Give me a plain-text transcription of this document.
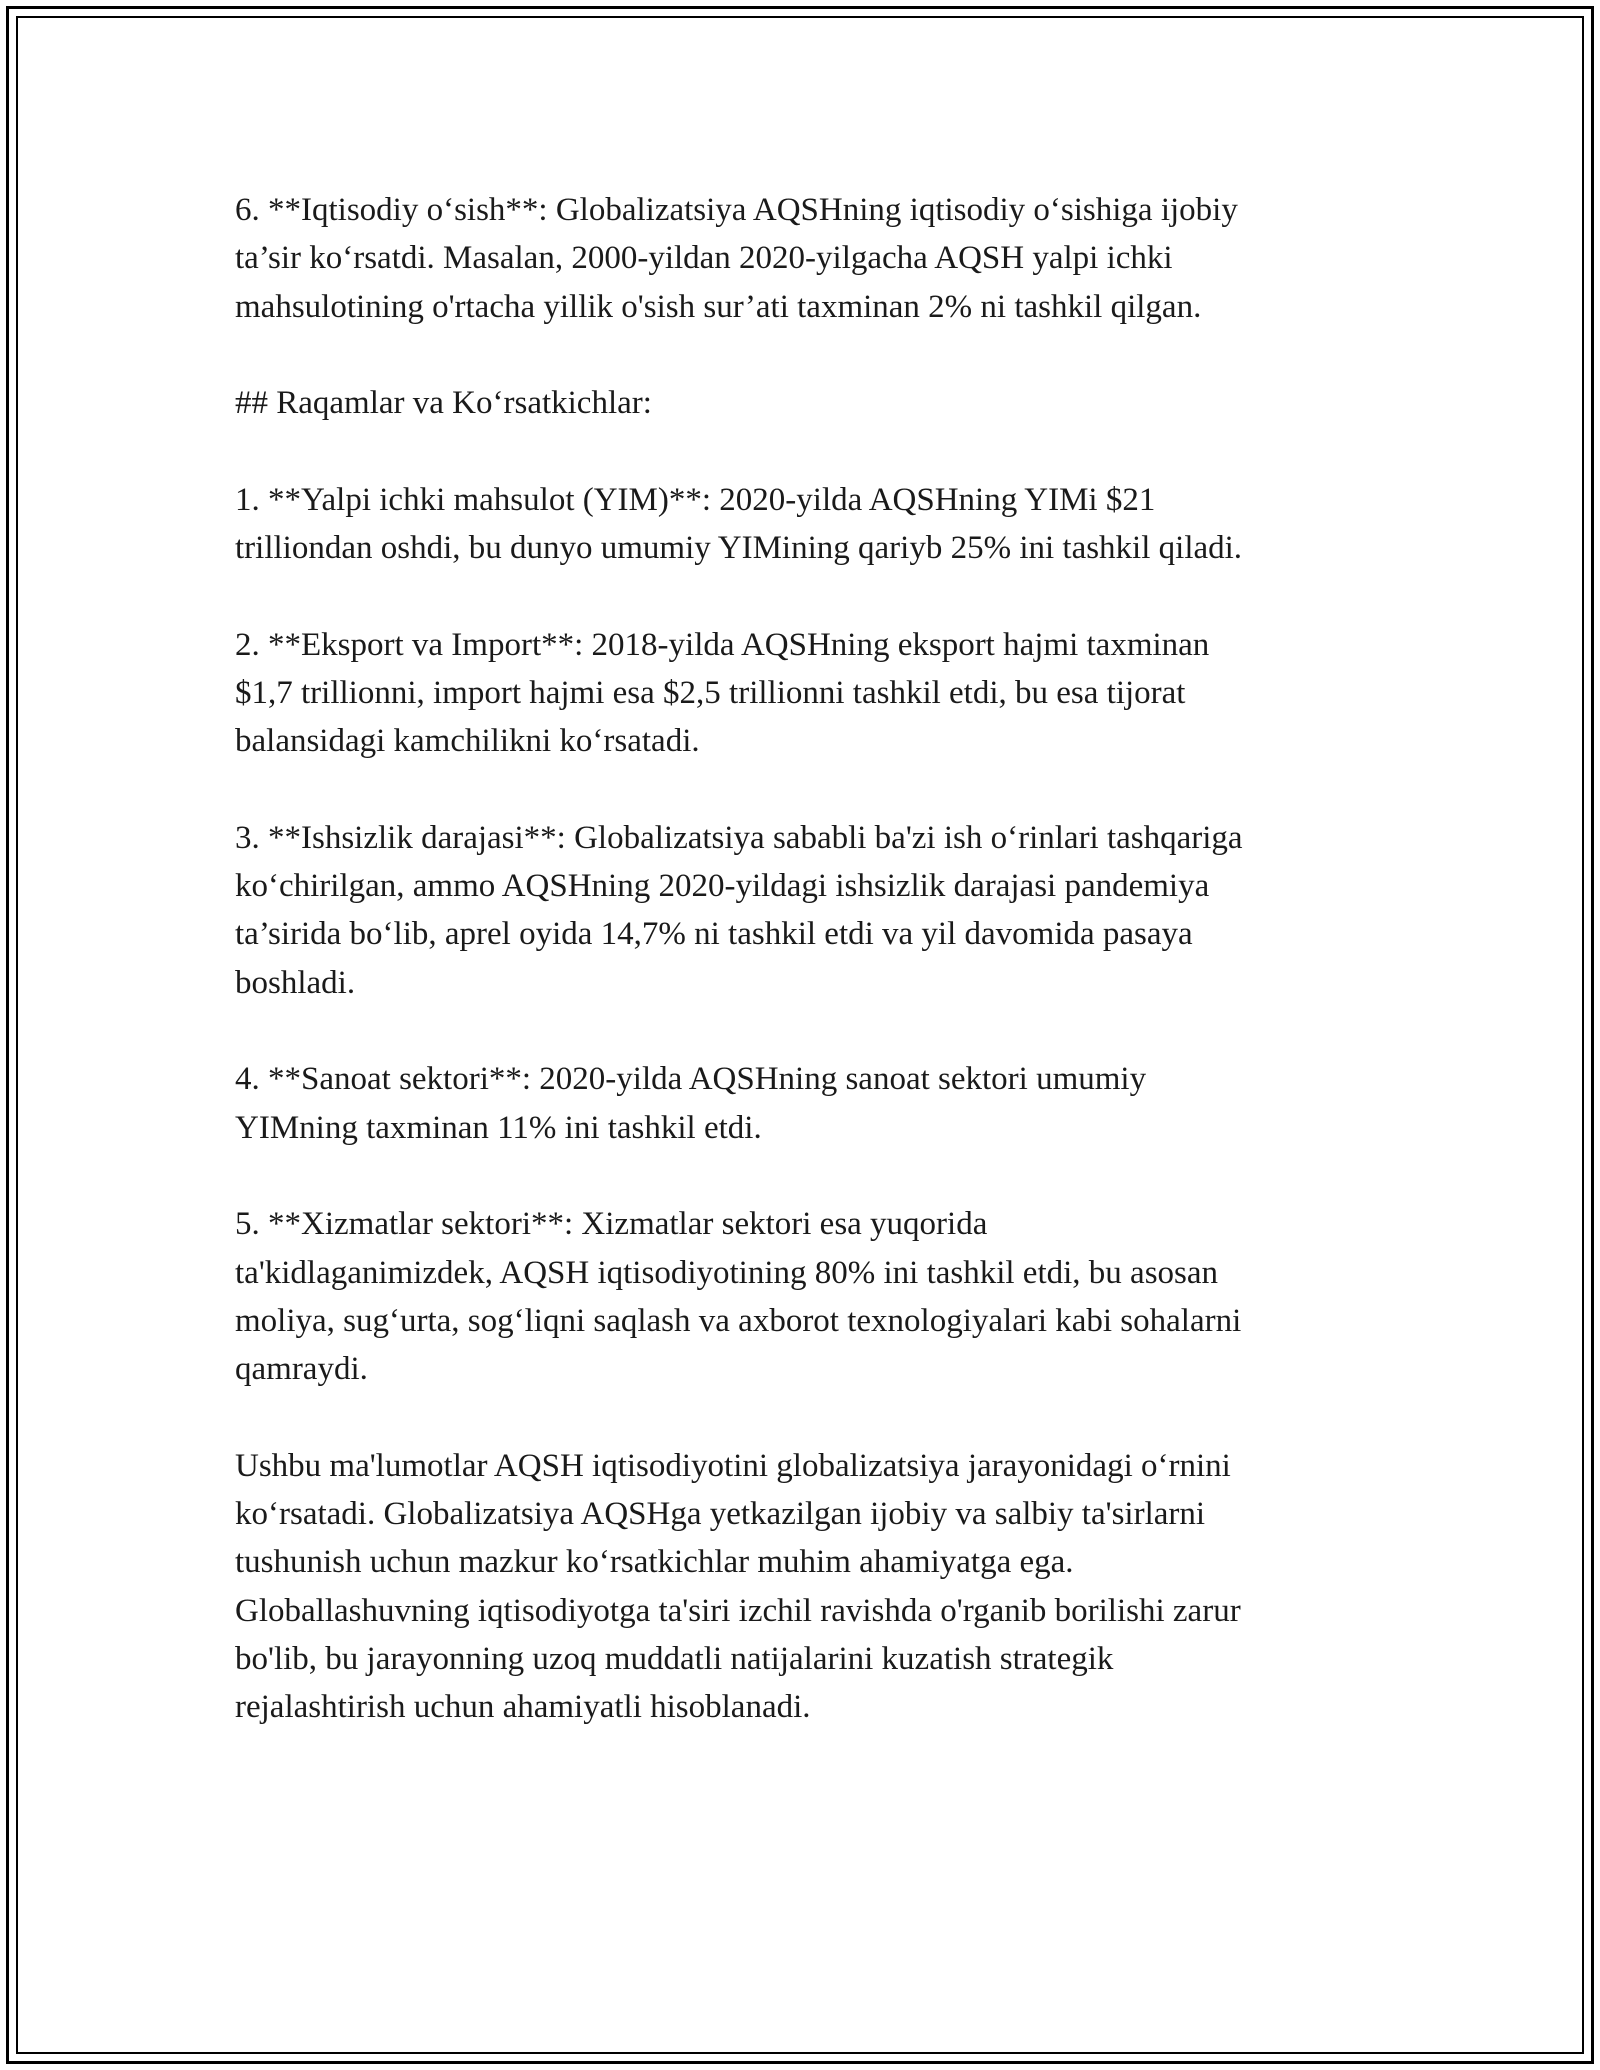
6. **Iqtisodiy o‘sish**: Globalizatsiya AQSHning iqtisodiy o‘sishiga ijobiy
ta’sir ko‘rsatdi. Masalan, 2000-yildan 2020-yilgacha AQSH yalpi ichki
mahsulotining o'rtacha yillik o'sish sur’ati taxminan 2% ni tashkil qilgan.

## Raqamlar va Ko‘rsatkichlar:

1. **Yalpi ichki mahsulot (YIM)**: 2020-yilda AQSHning YIMi $21
trilliondan oshdi, bu dunyo umumiy YIMining qariyb 25% ini tashkil qiladi.

2. **Eksport va Import**: 2018-yilda AQSHning eksport hajmi taxminan
$1,7 trillionni, import hajmi esa $2,5 trillionni tashkil etdi, bu esa tijorat
balansidagi kamchilikni ko‘rsatadi.

3. **Ishsizlik darajasi**: Globalizatsiya sababli ba'zi ish o‘rinlari tashqariga
ko‘chirilgan, ammo AQSHning 2020-yildagi ishsizlik darajasi pandemiya
ta’sirida bo‘lib, aprel oyida 14,7% ni tashkil etdi va yil davomida pasaya
boshladi.

4. **Sanoat sektori**: 2020-yilda AQSHning sanoat sektori umumiy
YIMning taxminan 11% ini tashkil etdi.

5. **Xizmatlar sektori**: Xizmatlar sektori esa yuqorida
ta'kidlaganimizdek, AQSH iqtisodiyotining 80% ini tashkil etdi, bu asosan
moliya, sug‘urta, sog‘liqni saqlash va axborot texnologiyalari kabi sohalarni
qamraydi.

Ushbu ma'lumotlar AQSH iqtisodiyotini globalizatsiya jarayonidagi o‘rnini
ko‘rsatadi. Globalizatsiya AQSHga yetkazilgan ijobiy va salbiy ta'sirlarni
tushunish uchun mazkur ko‘rsatkichlar muhim ahamiyatga ega.
Globallashuvning iqtisodiyotga ta'siri izchil ravishda o'rganib borilishi zarur
bo'lib, bu jarayonning uzoq muddatli natijalarini kuzatish strategik
rejalashtirish uchun ahamiyatli hisoblanadi.
